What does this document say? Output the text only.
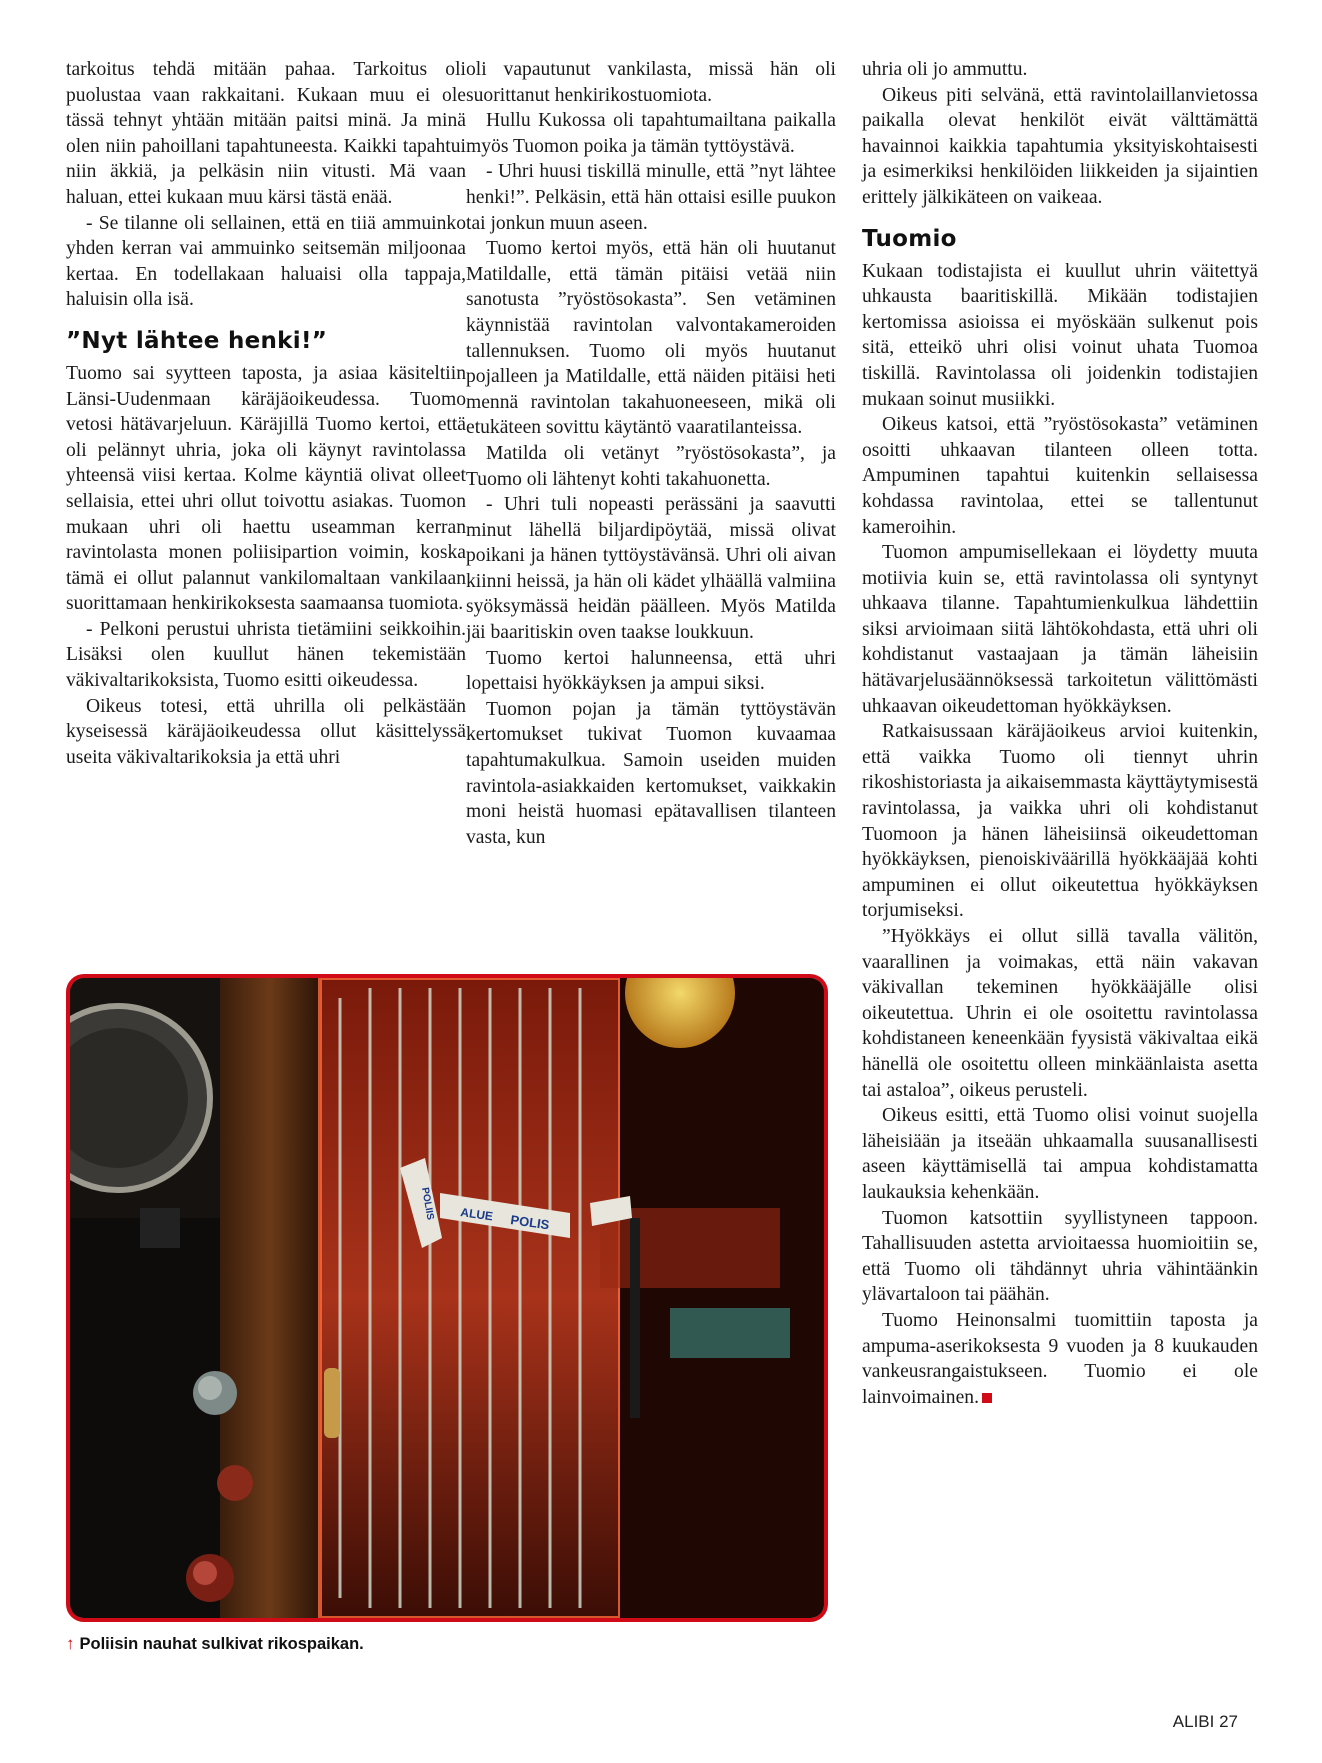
tarkoitus tehdä mitään pahaa. Tarkoitus oli puolustaa vaan rakkaitani. Kukaan muu ei ole tässä tehnyt yhtään mitään paitsi minä. Ja minä olen niin pahoillani tapahtuneesta. Kaikki tapahtui niin äkkiä, ja pelkäsin niin vitusti. Mä vaan haluan, ettei kukaan muu kärsi tästä enää.

- Se tilanne oli sellainen, että en tiiä ammuinko yhden kerran vai ammuinko seitsemän miljoonaa kertaa. En todellakaan haluaisi olla tappaja, haluisin olla isä.

”Nyt lähtee henki!”

Tuomo sai syytteen taposta, ja asiaa käsiteltiin Länsi-Uudenmaan käräjäoikeudessa. Tuomo vetosi hätävarjeluun. Käräjillä Tuomo kertoi, että oli pelännyt uhria, joka oli käynyt ravintolassa yhteensä viisi kertaa. Kolme käyntiä olivat olleet sellaisia, ettei uhri ollut toivottu asiakas. Tuomon mukaan uhri oli haettu useamman kerran ravintolasta monen poliisipartion voimin, koska tämä ei ollut palannut vankilomaltaan vankilaan suorittamaan henkirikoksesta saamaansa tuomiota.

- Pelkoni perustui uhrista tietämiini seikkoihin. Lisäksi olen kuullut hänen tekemistään väkivaltarikoksista, Tuomo esitti oikeudessa.

Oikeus totesi, että uhrilla oli pelkästään kyseisessä käräjäoikeudessa ollut käsittelyssä useita väkivaltarikoksia ja että uhri

oli vapautunut vankilasta, missä hän oli suorittanut henkirikostuomiota.

Hullu Kukossa oli tapahtumailtana paikalla myös Tuomon poika ja tämän tyttöystävä.

- Uhri huusi tiskillä minulle, että ”nyt lähtee henki!”. Pelkäsin, että hän ottaisi esille puukon tai jonkun muun aseen.

Tuomo kertoi myös, että hän oli huutanut Matildalle, että tämän pitäisi vetää niin sanotusta ”ryöstösokasta”. Sen vetäminen käynnistää ravintolan valvontakameroiden tallennuksen. Tuomo oli myös huutanut pojalleen ja Matildalle, että näiden pitäisi heti mennä ravintolan takahuoneeseen, mikä oli etukäteen sovittu käytäntö vaaratilanteissa.

Matilda oli vetänyt ”ryöstösokasta”, ja Tuomo oli lähtenyt kohti takahuonetta.

- Uhri tuli nopeasti perässäni ja saavutti minut lähellä biljardipöytää, missä olivat poikani ja hänen tyttöystävänsä. Uhri oli aivan kiinni heissä, ja hän oli kädet ylhäällä valmiina syöksymässä heidän päälleen. Myös Matilda jäi baaritiskin oven taakse loukkuun.

Tuomo kertoi halunneensa, että uhri lopettaisi hyökkäyksen ja ampui siksi.

Tuomon pojan ja tämän tyttöystävän kertomukset tukivat Tuomon kuvaamaa tapahtumakulkua. Samoin useiden muiden ravintola-asiakkaiden kertomukset, vaikkakin moni heistä huomasi epätavallisen tilanteen vasta, kun

uhria oli jo ammuttu.

Oikeus piti selvänä, että ravintolaillanvietossa paikalla olevat henkilöt eivät välttämättä havainnoi kaikkia tapahtumia yksityiskohtaisesti ja esimerkiksi henkilöiden liikkeiden ja sijaintien erittely jälkikäteen on vaikeaa.

Tuomio

Kukaan todistajista ei kuullut uhrin väitettyä uhkausta baaritiskillä. Mikään todistajien kertomissa asioissa ei myöskään sulkenut pois sitä, etteikö uhri olisi voinut uhata Tuomoa tiskillä. Ravintolassa oli joidenkin todistajien mukaan soinut musiikki.

Oikeus katsoi, että ”ryöstösokasta” vetäminen osoitti uhkaavan tilanteen olleen totta. Ampuminen tapahtui kuitenkin sellaisessa kohdassa ravintolaa, ettei se tallentunut kameroihin.

Tuomon ampumisellekaan ei löydetty muuta motiivia kuin se, että ravintolassa oli syntynyt uhkaava tilanne. Tapahtumienkulkua lähdettiin siksi arvioimaan siitä lähtökohdasta, että uhri oli kohdistanut vastaajaan ja tämän läheisiin hätävarjelusäännöksessä tarkoitetun välittömästi uhkaavan oikeudettoman hyökkäyksen.

Ratkaisussaan käräjäoikeus arvioi kuitenkin, että vaikka Tuomo oli tiennyt uhrin rikoshistoriasta ja aikaisemmasta käyttäytymisestä ravintolassa, ja vaikka uhri oli kohdistanut Tuomoon ja hänen läheisiinsä oikeudettoman hyökkäyksen, pienoiskiväärillä hyökkääjää kohti ampuminen ei ollut oikeutettua hyökkäyksen torjumiseksi.

”Hyökkäys ei ollut sillä tavalla välitön, vaarallinen ja voimakas, että näin vakavan väkivallan tekeminen hyökkääjälle olisi oikeutettua. Uhrin ei ole osoitettu ravintolassa kohdistaneen keneenkään fyysistä väkivaltaa eikä hänellä ole osoitettu olleen minkäänlaista asetta tai astaloa”, oikeus perusteli.

Oikeus esitti, että Tuomo olisi voinut suojella läheisiään ja itseään uhkaamalla suusanallisesti aseen käyttämisellä tai ampua kohdistamatta laukauksia kehenkään.

Tuomon katsottiin syyllistyneen tappoon. Tahallisuuden astetta arvioitaessa huomioitiin se, että Tuomo oli tähdännyt uhria vähintäänkin ylävartaloon tai päähän.

Tuomo Heinonsalmi tuomittiin taposta ja ampuma-aserikoksesta 9 vuoden ja 8 kuukauden vankeusrangaistukseen. Tuomio ei ole lainvoimainen.

ALUE POLIS
POLIIS
↑ Poliisin nauhat sulkivat rikospaikan.
ALIBI 27
